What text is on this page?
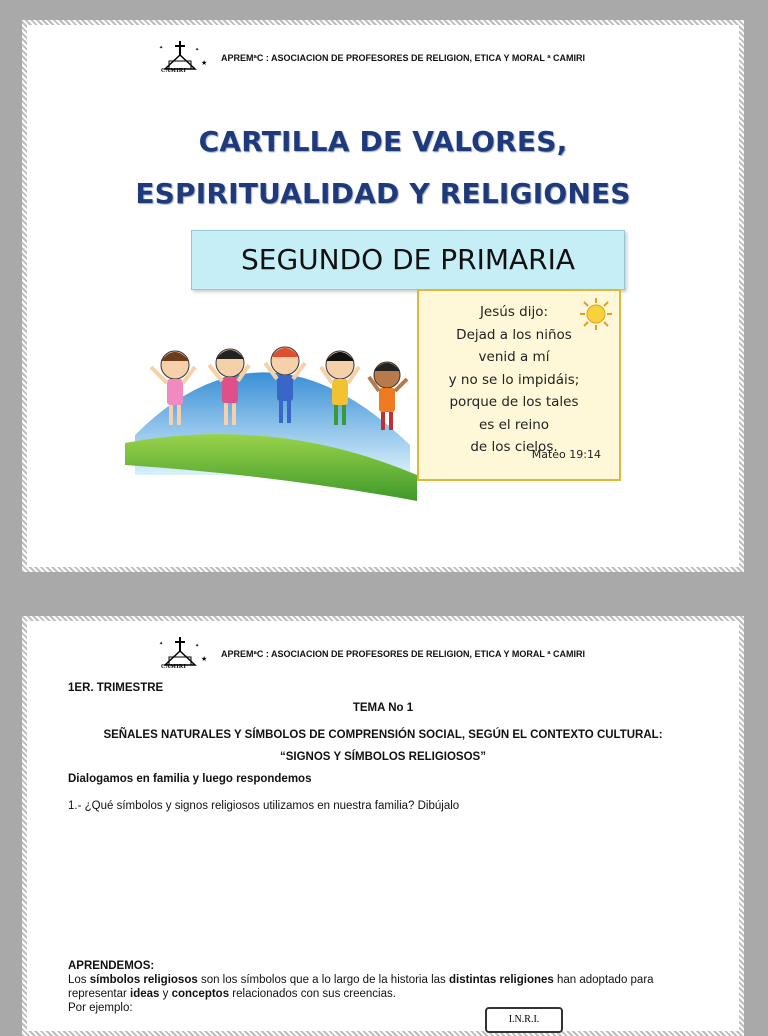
✦	✦
★
CAMIRI
APREMªC : ASOCIACION DE PROFESORES DE RELIGION, ETICA Y MORAL ª CAMIRI
CARTILLA DE VALORES,
ESPIRITUALIDAD Y RELIGIONES
SEGUNDO DE PRIMARIA
Jesús dijo:
Dejad a los niños
venid a mí
y no se lo impidáis;
porque de los tales
es el reino
de los cielos.
Mateo 19:14
✦	✦
★
CAMIRI
APREMªC : ASOCIACION DE PROFESORES DE RELIGION, ETICA Y MORAL ª CAMIRI
1ER. TRIMESTRE
TEMA No 1
SEÑALES NATURALES Y SÍMBOLOS DE COMPRENSIÓN SOCIAL, SEGÚN EL CONTEXTO CULTURAL:
“SIGNOS Y SÍMBOLOS RELIGIOSOS”
Dialogamos en familia y luego respondemos
1.- ¿Qué símbolos y signos religiosos utilizamos en nuestra familia? Dibújalo
APRENDEMOS:
Los símbolos religiosos son los símbolos que a lo largo de la historia las distintas religiones han adoptado para
representar ideas y conceptos relacionados con sus creencias.
Por ejemplo:
I.N.R.I.
